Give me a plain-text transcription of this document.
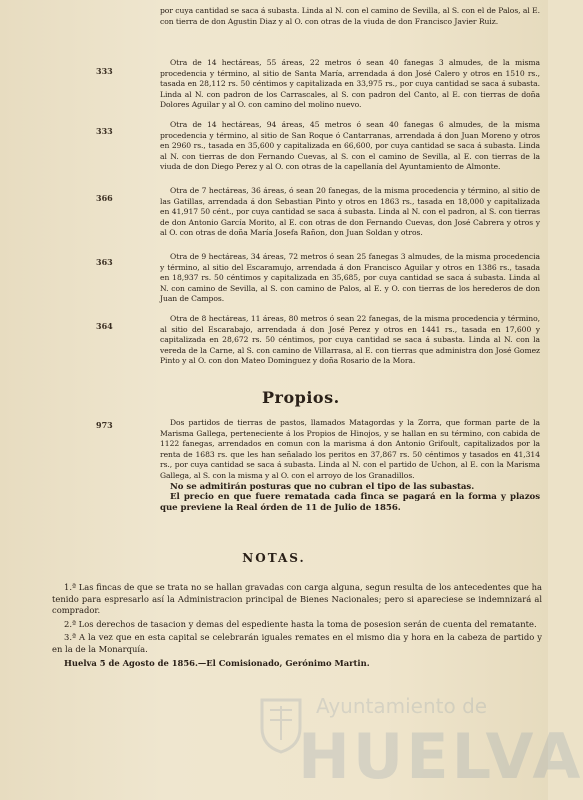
por cuya cantidad se saca á subasta. Linda al N. con el camino de Sevilla, al S. con el de Palos, al E. con tierra de don Agustin Diaz y al O. con otras de la viuda de don Francisco Javier Ruiz.

333

Otra de 14 hectáreas, 55 áreas, 22 metros ó sean 40 fanegas 3 almudes, de la misma procedencia y término, al sitio de Santa María, arrendada á don José Calero y otros en 1510 rs., tasada en 28,112 rs. 50 céntimos y capitalizada en 33,975 rs., por cuya cantidad se saca á subasta. Linda al N. con padron de los Carrascales, al S. con padron del Canto, al E. con tierras de doña Dolores Aguilar y al O. con camino del molino nuevo.

333

Otra de 14 hectáreas, 94 áreas, 45 metros ó sean 40 fanegas 6 almudes, de la misma procedencia y término, al sitio de San Roque ó Cantarranas, arrendada á don Juan Moreno y otros en 2960 rs., tasada en 35,600 y capitalizada en 66,600, por cuya cantidad se saca á subasta. Linda al N. con tierras de don Fernando Cuevas, al S. con el camino de Sevilla, al E. con tierras de la viuda de don Diego Perez y al O. con otras de la capellanía del Ayuntamiento de Almonte.

366

Otra de 7 hectáreas, 36 áreas, ó sean 20 fanegas, de la misma procedencia y término, al sitio de las Gatillas, arrendada á don Sebastian Pinto y otros en 1863 rs., tasada en 18,000 y capitalizada en 41,917 50 cént., por cuya cantidad se saca á subasta. Linda al N. con el padron, al S. con tierras de don Antonio García Morito, al E. con otras de don Fernando Cuevas, don José Cabrera y otros y al O. con otras de doña María Josefa Rañon, don Juan Soldan y otros.

363

Otra de 9 hectáreas, 34 áreas, 72 metros ó sean 25 fanegas 3 almudes, de la misma procedencia y término, al sitio del Escaramujo, arrendada á don Francisco Aguilar y otros en 1386 rs., tasada en 18,937 rs. 50 céntimos y capitalizada en 35,685, por cuya cantidad se saca á subasta. Linda al N. con camino de Sevilla, al S. con camino de Palos, al E. y O. con tierras de los herederos de don Juan de Campos.

364

Otra de 8 hectáreas, 11 áreas, 80 metros ó sean 22 fanegas, de la misma procedencia y término, al sitio del Escarabajo, arrendada á don José Perez y otros en 1441 rs., tasada en 17,600 y capitalizada en 28,672 rs. 50 céntimos, por cuya cantidad se saca á subasta. Linda al N. con la vereda de la Carne, al S. con camino de Villarrasa, al E. con tierras que administra don José Gomez Pinto y al O. con don Mateo Dominguez y doña Rosario de la Mora.

Propios.
973	Dos partidos de tierras de pastos, llamados Matagordas y la Zorra, que forman parte de la Marisma Gallega, perteneciente á los Propios de Hinojos, y se hallan en su término, con cabida de 1122 fanegas, arrendados en comun con la marisma á don Antonio Grifoult, capitalizados por la renta de 1683 rs. que les han señalado los peritos en 37,867 rs. 50 céntimos y tasados en 41,314 rs., por cuya cantidad se saca á subasta. Linda al N. con el partido de Uchon, al E. con la Marisma Gallega, al S. con la misma y al O. con el arroyo de los Granadillos.

No se admitirán posturas que no cubran el tipo de las subastas.

El precio en que fuere rematada cada finca se pagará en la forma y plazos que previene la Real órden de 11 de Julio de 1856.

NOTAS.

1.ª Las fincas de que se trata no se hallan gravadas con carga alguna, segun resulta de los antecedentes que ha tenido para espresarlo así la Administracion principal de Bienes Nacionales; pero si apareciese se indemnizará al comprador.

2.ª Los derechos de tasacion y demas del espediente hasta la toma de posesion serán de cuenta del rematante.

3.ª A la vez que en esta capital se celebrarán iguales remates en el mismo dia y hora en la cabeza de partido y en la de la Monarquía.

Huelva 5 de Agosto de 1856.—El Comisionado, Gerónimo Martin.

Ayuntamiento de
HUELVA
